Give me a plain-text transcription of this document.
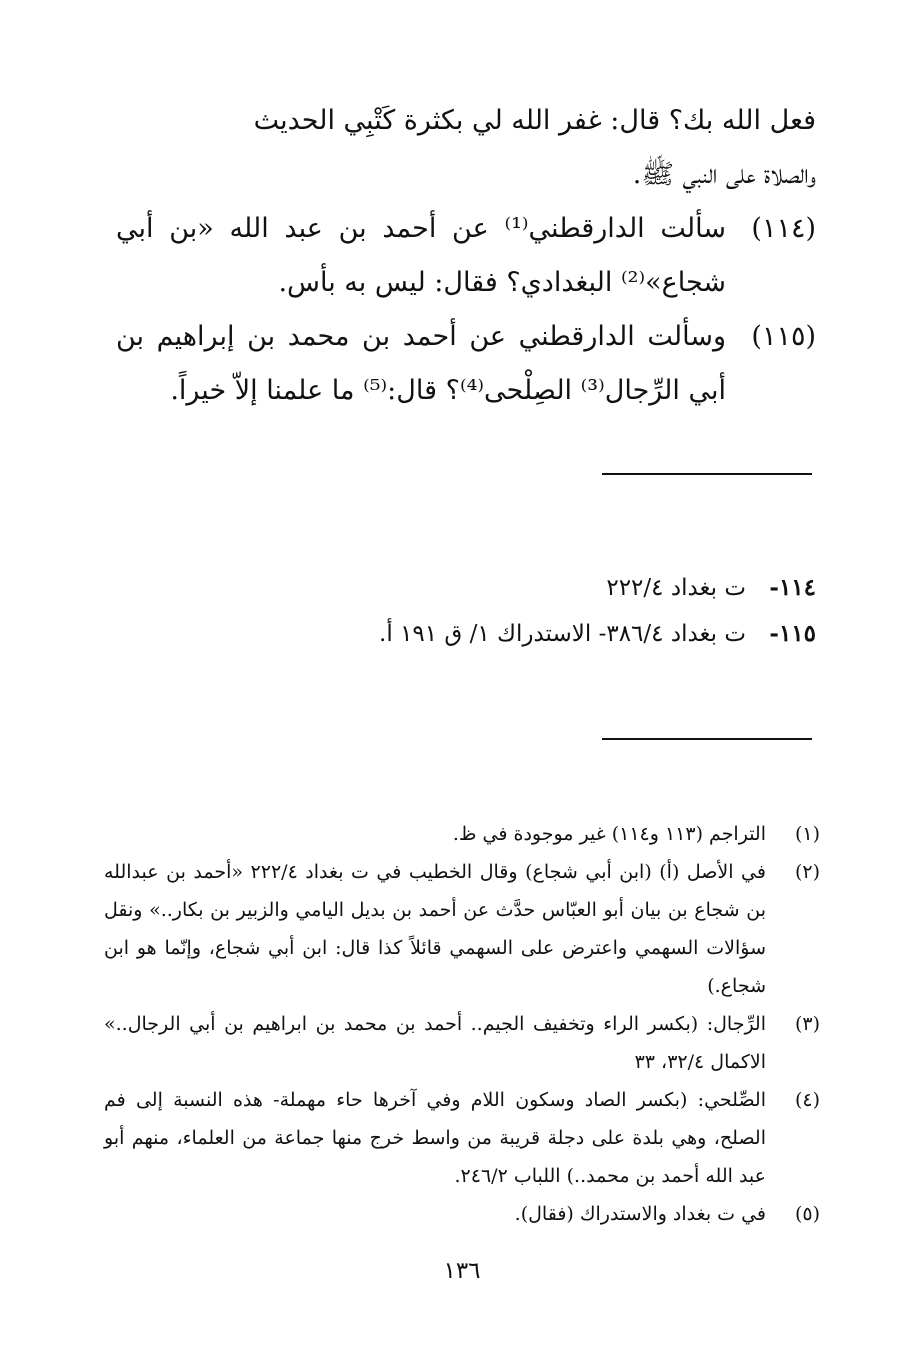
فعل الله بك؟ قال: غفر الله لي بكثرة كَتْبِي الحديث

والصلاة على النبي ﷺ.

(١١٤)
سألت الدارقطني⁽¹⁾ عن أحمد بن عبد الله «بن أبي شجاع»⁽²⁾ البغدادي؟ فقال: ليس به بأس.
(١١٥)
وسألت الدارقطني عن أحمد بن محمد بن إبراهيم بن أبي الرِّجال⁽³⁾ الصِلْحى⁽⁴⁾؟ قال:⁽⁵⁾ ما علمنا إلاّ خيراً.
١١٤-
ت بغداد ٢٢٢/٤
١١٥-
ت بغداد ٣٨٦/٤- الاستدراك ١/ ق ١٩١ أ.
(١)
التراجم (١١٣ و١١٤) غير موجودة في ظ.
(٢)
في الأصل (أ) (ابن أبي شجاع) وقال الخطيب في ت بغداد ٢٢٢/٤ «أحمد بن عبدالله بن شجاع بن بيان أبو العبّاس حدَّث عن أحمد بن بديل اليامي والزبير بن بكار..» ونقل سؤالات السهمي واعترض على السهمي قائلاً كذا قال: ابن أبي شجاع، وإنّما هو ابن شجاع.)
(٣)
الرِّجال: (بكسر الراء وتخفيف الجيم.. أحمد بن محمد بن ابراهيم بن أبي الرجال..» الاكمال ٣٢/٤، ٣٣
(٤)
الصِّلحي: (بكسر الصاد وسكون اللام وفي آخرها حاء مهملة- هذه النسبة إلى فم الصلح، وهي بلدة على دجلة قريبة من واسط خرج منها جماعة من العلماء، منهم أبو عبد الله أحمد بن محمد..) اللباب ٢٤٦/٢.
(٥)
في ت بغداد والاستدراك (فقال).
١٣٦
